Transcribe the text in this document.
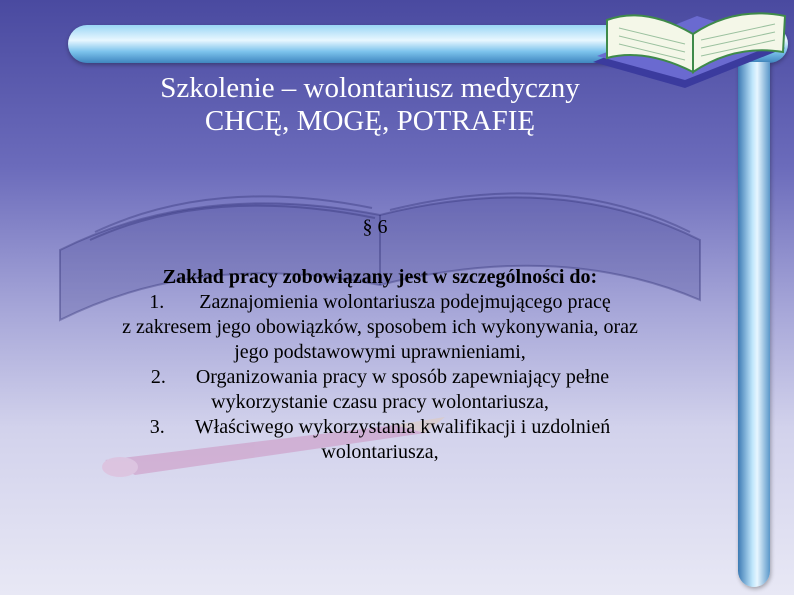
Szkolenie – wolontariusz medyczny
CHCĘ, MOGĘ, POTRAFIĘ
§ 6
Zakład pracy zobowiązany jest w szczególności do:
1. Zaznajomienia wolontariusza podejmującego pracę
z zakresem jego obowiązków, sposobem ich wykonywania, oraz
jego podstawowymi uprawnieniami,
2. Organizowania pracy w sposób zapewniający pełne
wykorzystanie czasu pracy wolontariusza,
3. Właściwego wykorzystania kwalifikacji i uzdolnień
wolontariusza,
